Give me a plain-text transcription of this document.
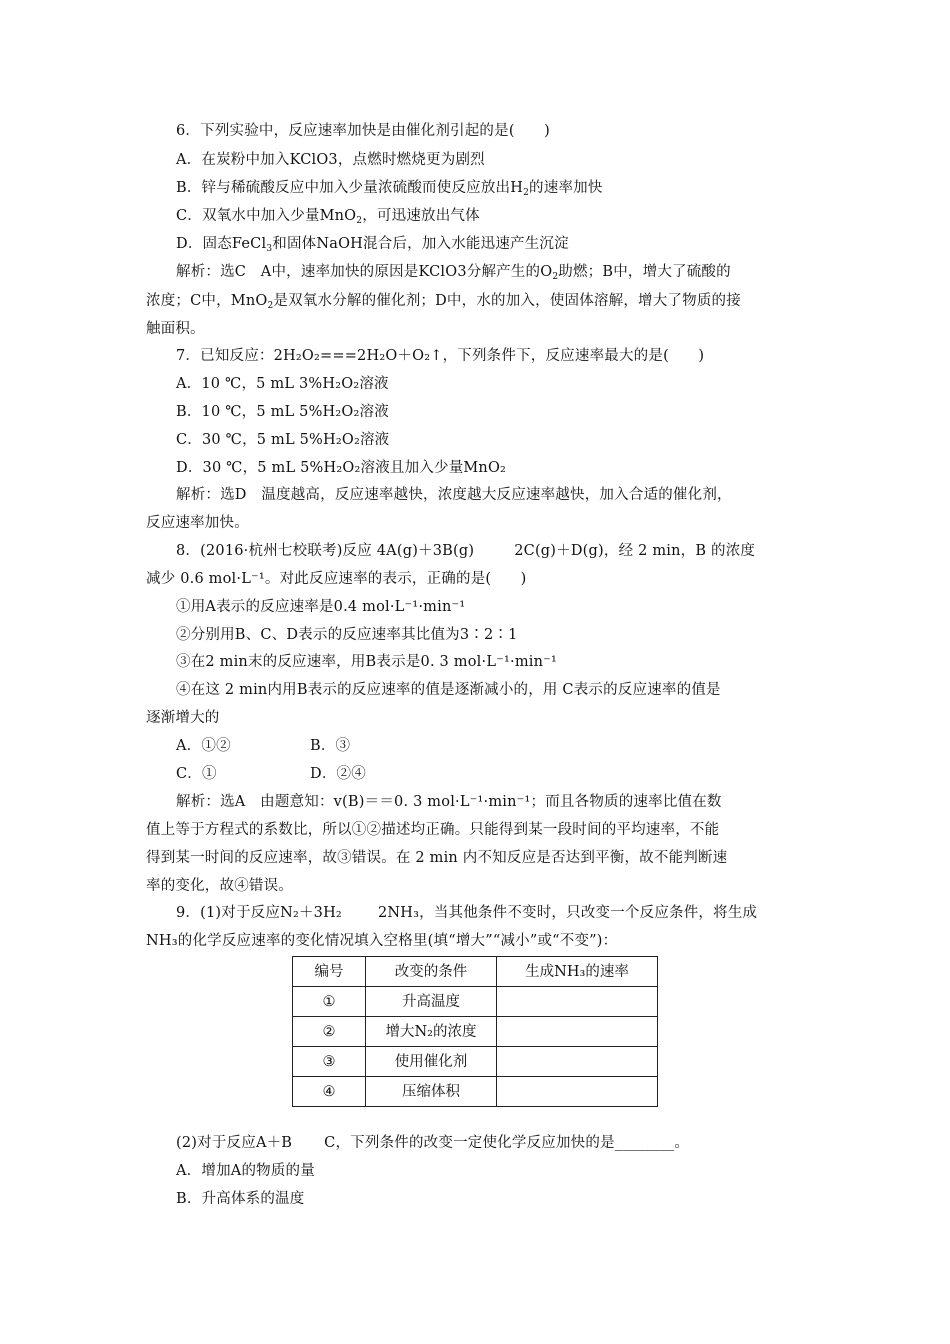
6．下列实验中，反应速率加快是由催化剂引起的是(　　)
A．在炭粉中加入KClO3，点燃时燃烧更为剧烈
B．锌与稀硫酸反应中加入少量浓硫酸而使反应放出$H_2$的速率加快
C．双氧水中加入少量MnO$_2$，可迅速放出气体
D．固态FeCl$_3$和固体NaOH混合后，加入水能迅速产生沉淀
解析：选C　A中，速率加快的原因是KClO3分解产生的$O_2$助燃；B中，增大了硫酸的
浓度；C中，MnO$_2$是双氧水分解的催化剂；D中，水的加入，使固体溶解，增大了物质的接
触面积。
7．已知反应：2H₂O₂===2H₂O＋O₂↑，下列条件下，反应速率最大的是(　　)
A．10 ℃，5 mL 3%H₂O₂溶液
B．10 ℃，5 mL 5%H₂O₂溶液
C．30 ℃，5 mL 5%H₂O₂溶液
D．30 ℃，5 mL 5%H₂O₂溶液且加入少量MnO₂
解析：选D　温度越高，反应速率越快，浓度越大反应速率越快，加入合适的催化剂，
反应速率加快。
8．(2016·杭州七校联考)反应 4A(g)＋3B(g)	2C(g)＋D(g)，经 2 min，B 的浓度
减少 0.6 mol·L⁻¹。对此反应速率的表示，正确的是(　　)
①用A表示的反应速率是0.4 mol·L⁻¹·min⁻¹
②分别用B、C、D表示的反应速率其比值为3∶2∶1
③在2 min末的反应速率，用B表示是0. 3 mol·L⁻¹·min⁻¹
④在这 2 min内用B表示的反应速率的值是逐渐减小的，用 C表示的反应速率的值是
逐渐增大的
A．①②	B．③
C．①	D．②④
解析：选A　由题意知：v(B)＝＝0. 3 mol·L⁻¹·min⁻¹；而且各物质的速率比值在数
值上等于方程式的系数比，所以①②描述均正确。只能得到某一段时间的平均速率，不能
得到某一时间的反应速率，故③错误。在 2 min 内不知反应是否达到平衡，故不能判断速
率的变化，故④错误。
9．(1)对于反应N₂＋3H₂ 2NH₃，当其他条件不变时，只改变一个反应条件，将生成
NH₃的化学反应速率的变化情况填入空格里(填“增大”“减小”或“不变”)：
编号	改变的条件	生成NH₃的速率
①	升高温度	
②	增大N₂的浓度	
③	使用催化剂	
④	压缩体积	
(2)对于反应A＋B C，下列条件的改变一定使化学反应加快的是________。
A．增加A的物质的量
B．升高体系的温度
